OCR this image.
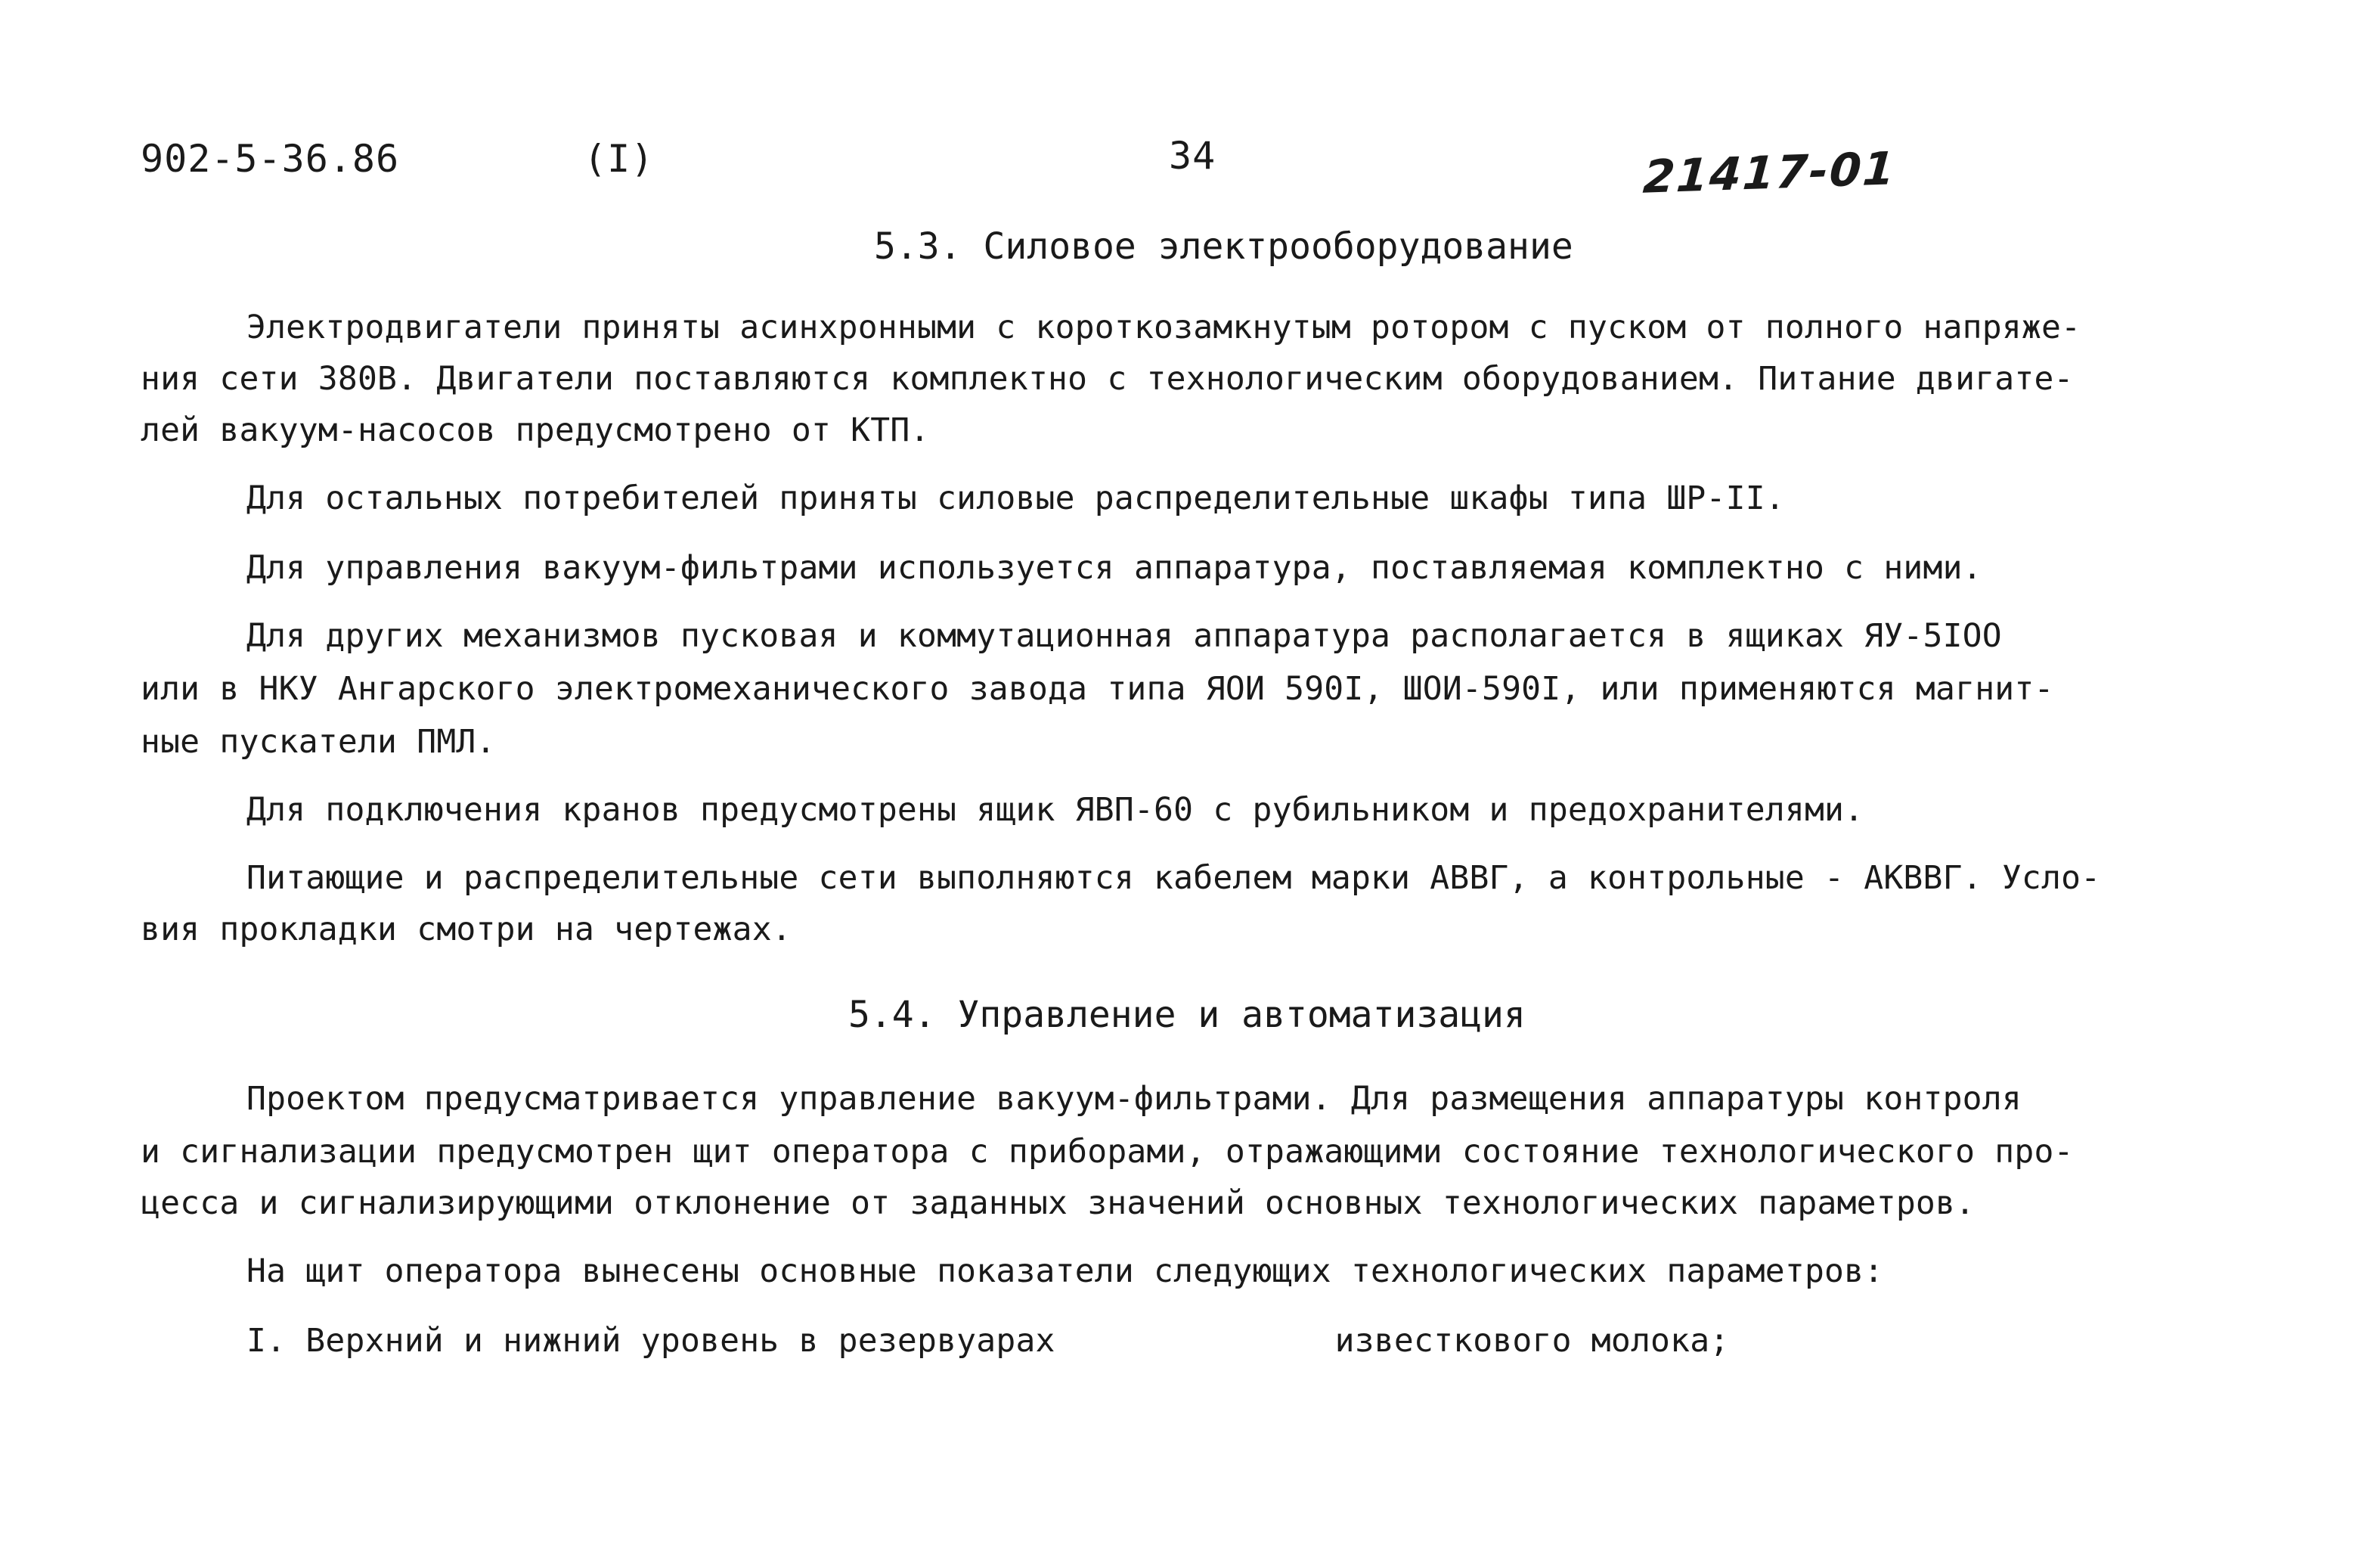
902-5-36.86	(I)	34	21417-01
5.3. Силовое электрооборудование
Электродвигатели приняты асинхронными с короткозамкнутым ротором с пуском от полного напряже-
ния сети 380В. Двигатели поставляются комплектно с технологическим оборудованием. Питание двигате-
лей вакуум-насосов предусмотрено от КТП.
Для остальных потребителей приняты силовые распределительные шкафы типа ШР-II.
Для управления вакуум-фильтрами используется аппаратура, поставляемая комплектно с ними.
Для других механизмов пусковая и коммутационная аппаратура располагается в ящиках ЯУ-5IOO
или в НКУ Ангарского электромеханического завода типа ЯОИ 590I, ШОИ-590I, или применяются магнит-
ные пускатели ПМЛ.
Для подключения кранов предусмотрены ящик ЯВП-60 с рубильником и предохранителями.
Питающие и распределительные сети выполняются кабелем марки АВВГ, а контрольные - АКВВГ. Усло-
вия прокладки смотри на чертежах.
5.4. Управление и автоматизация
Проектом предусматривается управление вакуум-фильтрами. Для размещения аппаратуры контроля
и сигнализации предусмотрен щит оператора с приборами, отражающими состояние технологического про-
цесса и сигнализирующими отклонение от заданных значений основных технологических параметров.
На щит оператора вынесены основные показатели следующих технологических параметров:
I. Верхний и нижний уровень в резервуарах	известкового молока;
